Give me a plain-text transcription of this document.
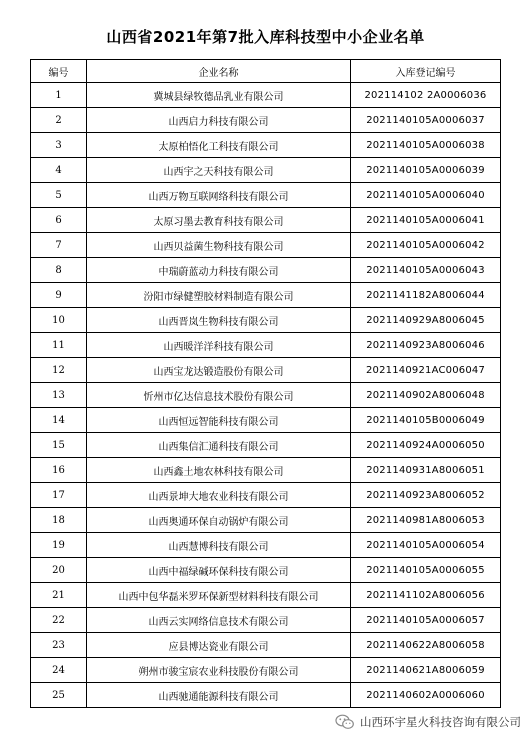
山西省2021年第7批入库科技型中小企业名单
编号	企业名称	入库登记编号
1	冀城县绿牧德品乳业有限公司	202114102 2A0006036
2	山西启力科技有限公司	2021140105A0006037
3	太原柏悟化工科技有限公司	2021140105A0006038
4	山西宇之天科技有限公司	2021140105A0006039
5	山西万物互联网络科技有限公司	2021140105A0006040
6	太原习墨去教育科技有限公司	2021140105A0006041
7	山西贝益菌生物科技有限公司	2021140105A0006042
8	中瑞蔚蓝动力科技有限公司	2021140105A0006043
9	汾阳市绿健塑胶材料制造有限公司	2021141182A8006044
10	山西晋岚生物科技有限公司	2021140929A8006045
11	山西暖洋洋科技有限公司	2021140923A8006046
12	山西宝龙达锻造股份有限公司	2021140921AC006047
13	忻州市亿达信息技术股份有限公司	2021140902A8006048
14	山西恒远智能科技有限公司	2021140105B0006049
15	山西集信汇通科技有限公司	2021140924A0006050
16	山西鑫土地农林科技有限公司	2021140931A8006051
17	山西景坤大地农业科技有限公司	2021140923A8006052
18	山西奥通环保自动锅炉有限公司	2021140981A8006053
19	山西慧博科技有限公司	2021140105A0006054
20	山西中福绿碱环保科技有限公司	2021140105A0006055
21	山西中包华磊米罗环保新型材料科技有限公司	2021141102A8006056
22	山西云实网络信息技术有限公司	2021140105A0006057
23	应县博达瓷业有限公司	2021140622A8006058
24	朔州市骏宝宸农业科技股份有限公司	2021140621A8006059
25	山西驰通能源科技有限公司	2021140602A0006060
山西环宇星火科技咨询有限公司
